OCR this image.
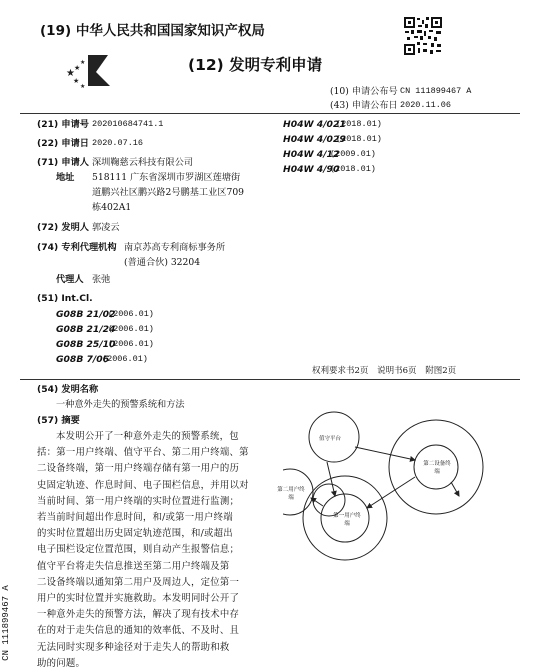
★ ★
★
★
★
(19) 中华人民共和国国家知识产权局
(12) 发明专利申请
(10) 申请公布号 CN 111899467 A
(43) 申请公布日 2020.11.06
(21) 申请号 202010684741.1
(22) 申请日 2020.07.16
(71) 申请人 深圳鞠慈云科技有限公司
地址 518111 广东省深圳市罗湖区莲塘街
道鹏兴社区鹏兴路2号鹏基工业区709
栋402A1
(72) 发明人 郭凌云
(74) 专利代理机构 南京苏高专利商标事务所
(普通合伙) 32204
代理人 张弛
(51) Int.Cl.
G08B 21/02
(2006.01)
G08B 21/24
(2006.01)
G08B 25/10
(2006.01)
G08B 7/06
(2006.01)
H04W 4/021
(2018.01)
H04W 4/029
(2018.01)
H04W 4/12
(2009.01)
H04W 4/90
(2018.01)
权利要求书2页 说明书6页 附图2页
(54) 发明名称
一种意外走失的预警系统和方法
(57) 摘要
本发明公开了一种意外走失的预警系统，包
括：第一用户终端、值守平台、第二用户终端、第
二设备终端，第一用户终端存储有第一用户的历
史固定轨迹、作息时间、电子围栏信息，并用以对
当前时间、第一用户终端的实时位置进行监测；
若当前时间超出作息时间，和/或第一用户终端
的实时位置超出历史固定轨迹范围，和/或超出
电子围栏设定位置范围，则自动产生报警信息；
值守平台将走失信息推送至第二用户终端及第
二设备终端以通知第二用户及周边人，定位第一
用户的实时位置并实施救助。本发明同时公开了
一种意外走失的预警方法，解决了现有技术中存
在的对于走失信息的通知的效率低、不及时、且
无法同时实现多种途径对于走失人的帮助和救
助的问题。
CN 111899467 A
值守平台
第二设备终端
第二用户终端
第一用户终端
